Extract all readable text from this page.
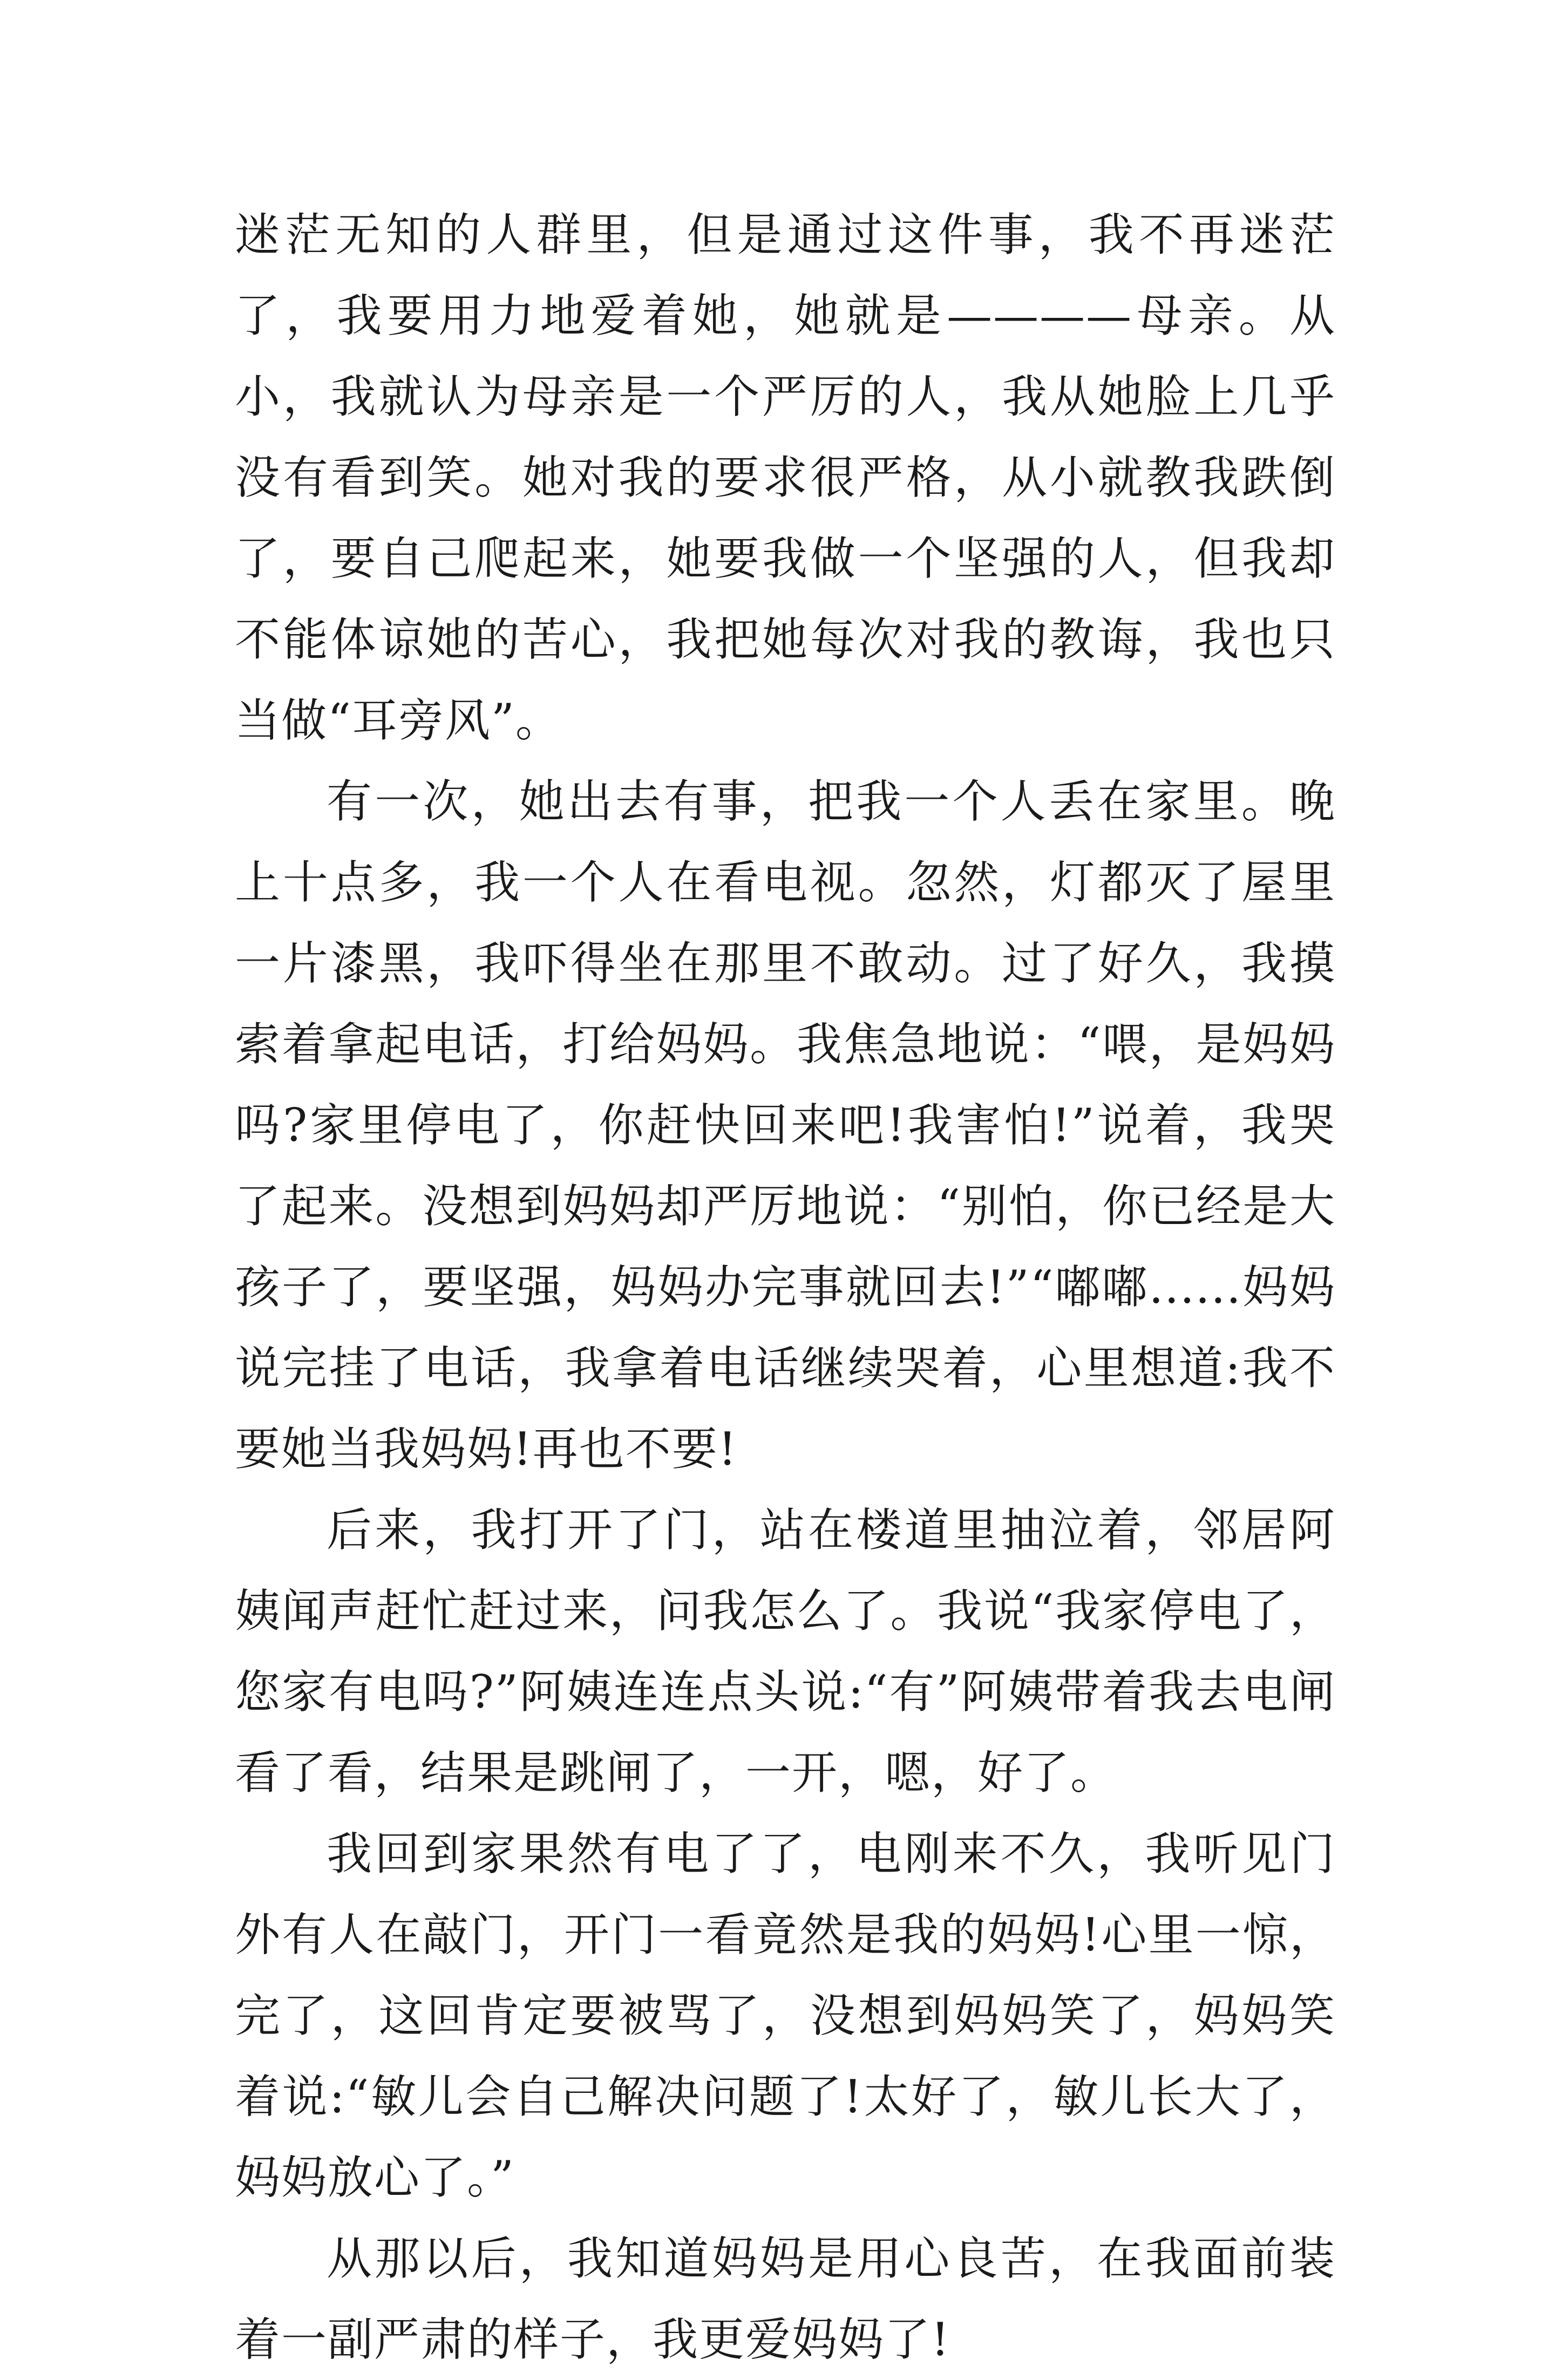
迷茫无知的人群里，但是通过这件事，我不再迷茫了，我要用力地爱着她，她就是————母亲。从小，我就认为母亲是一个严厉的人，我从她脸上几乎没有看到笑。她对我的要求很严格，从小就教我跌倒了，要自己爬起来，她要我做一个坚强的人，但我却不能体谅她的苦心，我把她每次对我的教诲，我也只当做“耳旁风”。

有一次，她出去有事，把我一个人丢在家里。晚上十点多，我一个人在看电视。忽然，灯都灭了屋里一片漆黑，我吓得坐在那里不敢动。过了好久，我摸索着拿起电话，打给妈妈。我焦急地说：“喂，是妈妈吗?家里停电了，你赶快回来吧!我害怕!”说着，我哭了起来。没想到妈妈却严厉地说：“别怕，你已经是大孩子了，要坚强，妈妈办完事就回去!”“嘟嘟......妈妈说完挂了电话，我拿着电话继续哭着，心里想道:我不要她当我妈妈!再也不要!

后来，我打开了门，站在楼道里抽泣着，邻居阿姨闻声赶忙赶过来，问我怎么了。我说“我家停电了，您家有电吗?”阿姨连连点头说:“有”阿姨带着我去电闸看了看，结果是跳闸了，一开，嗯，好了。

我回到家果然有电了了，电刚来不久，我听见门外有人在敲门，开门一看竟然是我的妈妈!心里一惊，完了，这回肯定要被骂了，没想到妈妈笑了，妈妈笑着说:“敏儿会自己解决问题了!太好了，敏儿长大了，妈妈放心了。”

从那以后，我知道妈妈是用心良苦，在我面前装着一副严肃的样子，我更爱妈妈了!
